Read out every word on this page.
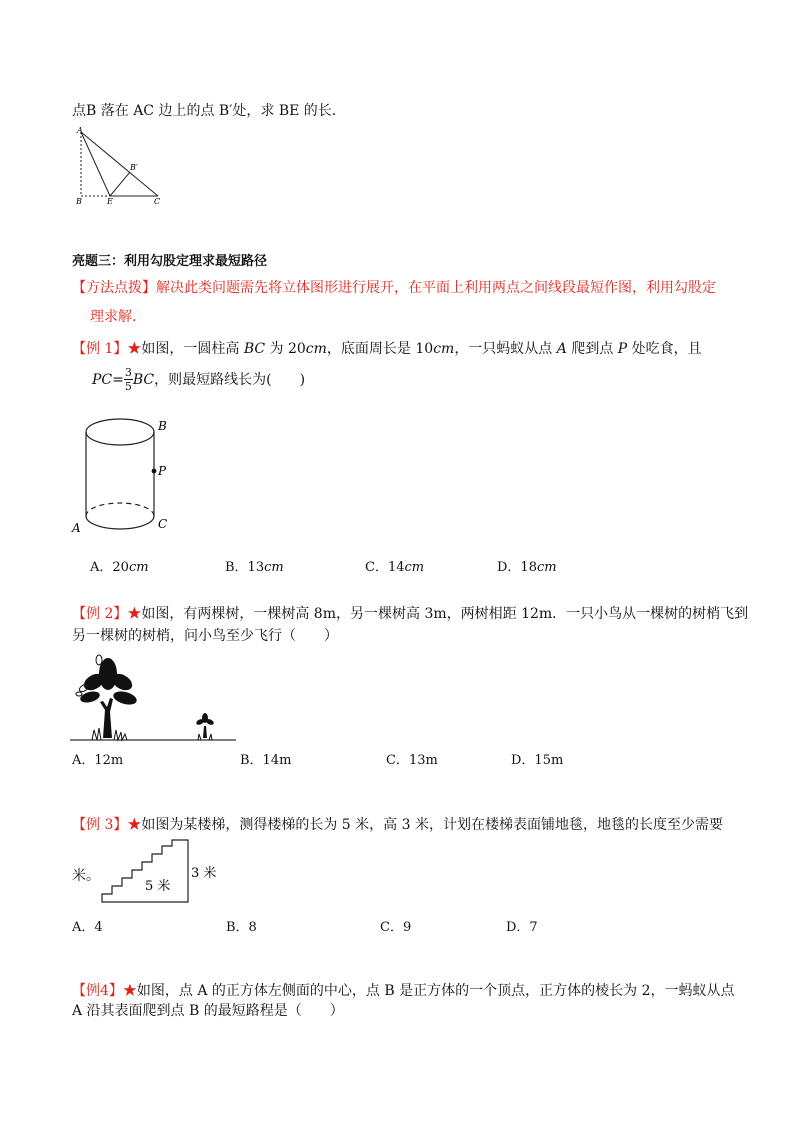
点B 落在 AC 边上的点 B′处，求 BE 的长．
A
B	E	C
B′
亮题三：利用勾股定理求最短路径
【方法点拨】解决此类问题需先将立体图形进行展开，在平面上利用两点之间线段最短作图，利用勾股定
理求解.
【例 1】★如图，一圆柱高 BC 为 20cm，底面周长是 10cm，一只蚂蚁从点 A 爬到点 P 处吃食，且
$PC= \frac{3}{5}$ BC，则最短路线长为(　　)
B
P
C
A
A．20cm	B．13cm	C．14cm	D．18cm
【例 2】★如图，有两棵树，一棵树高 8m，另一棵树高 3m，两树相距 12m．一只小鸟从一棵树的树梢飞到
另一棵树的树梢，问小鸟至少飞行（　　）
A．12m	B．14m	C．13m	D．15m
【例 3】★如图为某楼梯，测得楼梯的长为 5 米，高 3 米，计划在楼梯表面铺地毯，地毯的长度至少需要
米。
5 米
3 米
A．4	B．8	C．9	D．7
【例4】★如图，点 A 的正方体左侧面的中心，点 B 是正方体的一个顶点，正方体的棱长为 2，一蚂蚁从点
A 沿其表面爬到点 B 的最短路程是（　　）
